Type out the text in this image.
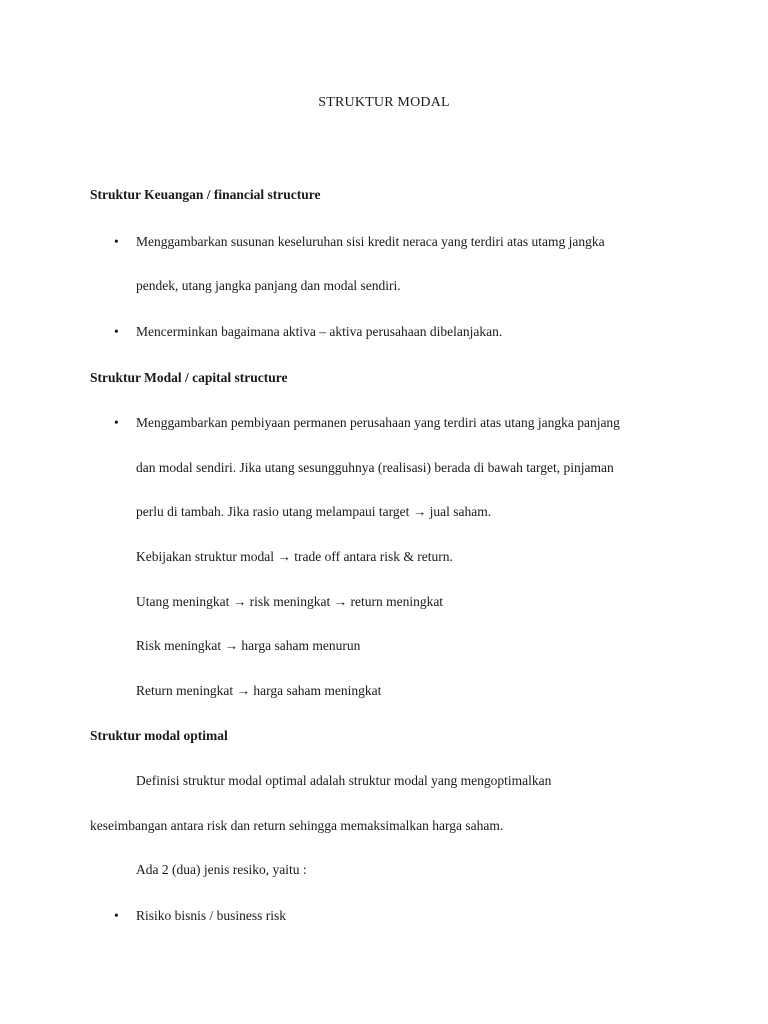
STRUKTUR MODAL

Struktur Keuangan / financial structure

• Menggambarkan susunan keseluruhan sisi kredit neraca yang terdiri atas utamg jangka

pendek, utang jangka panjang dan modal sendiri.

• Mencerminkan bagaimana aktiva – aktiva perusahaan dibelanjakan.

Struktur Modal / capital structure

• Menggambarkan pembiyaan permanen perusahaan yang terdiri atas utang jangka panjang

dan modal sendiri. Jika utang sesungguhnya (realisasi) berada di bawah target, pinjaman

perlu di tambah. Jika rasio utang melampaui target → jual saham.

Kebijakan struktur modal → trade off antara risk & return.

Utang meningkat → risk meningkat → return meningkat

Risk meningkat → harga saham menurun

Return meningkat → harga saham meningkat

Struktur modal optimal

Definisi struktur modal optimal adalah struktur modal yang mengoptimalkan

keseimbangan antara risk dan return sehingga memaksimalkan harga saham.

Ada 2 (dua) jenis resiko, yaitu :

• Risiko bisnis / business risk
